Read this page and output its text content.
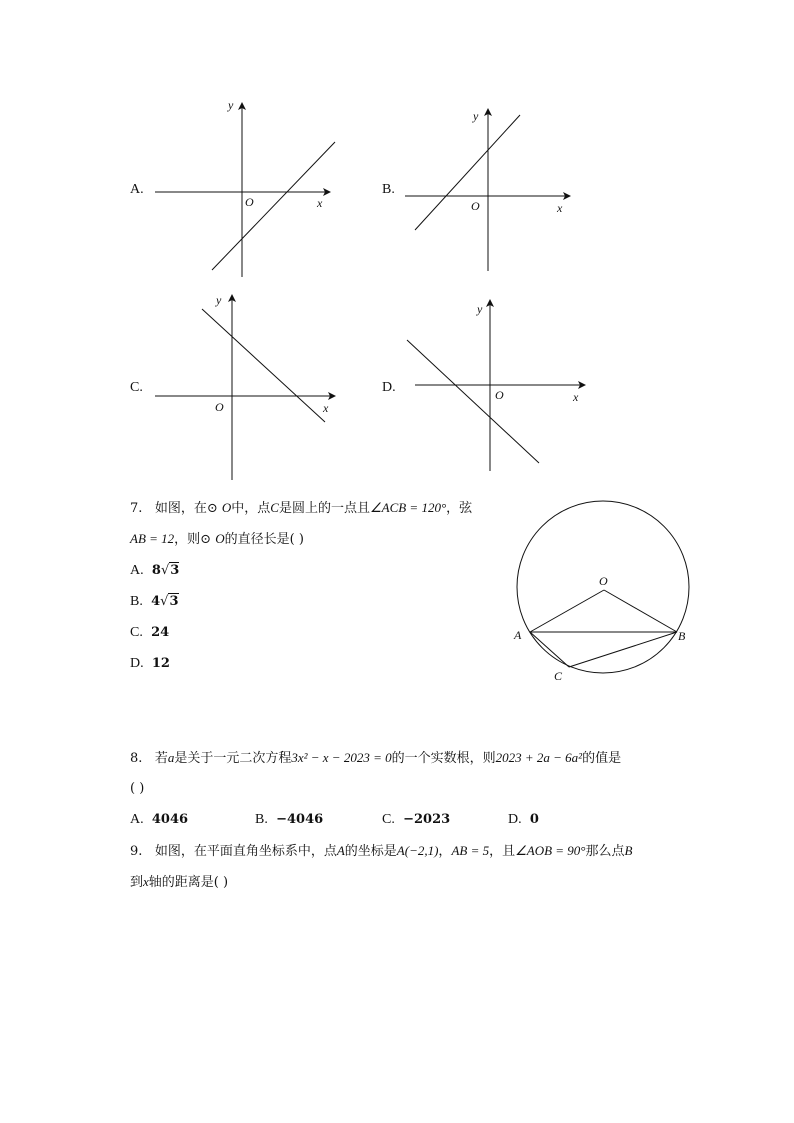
A.
y
x
O
B.
y
x
O
C.
y
x
O
D.
y
x
O
7. 如图，在⊙ O中，点C是圆上的一点且∠ACB = 120°，弦
AB = 12，则⊙ O的直径长是( )
A. 8√3
B. 4√3
C. 24
D. 12
O
A	B
C
8. 若a是关于一元二次方程3x² − x − 2023 = 0的一个实数根，则2023 + 2a − 6a²的值是
( )
A. 4046	B. −4046	C. −2023	D. 0
9. 如图，在平面直角坐标系中，点A的坐标是A(−2,1)，AB = 5，且∠AOB = 90°那么点B
到x轴的距离是( )
